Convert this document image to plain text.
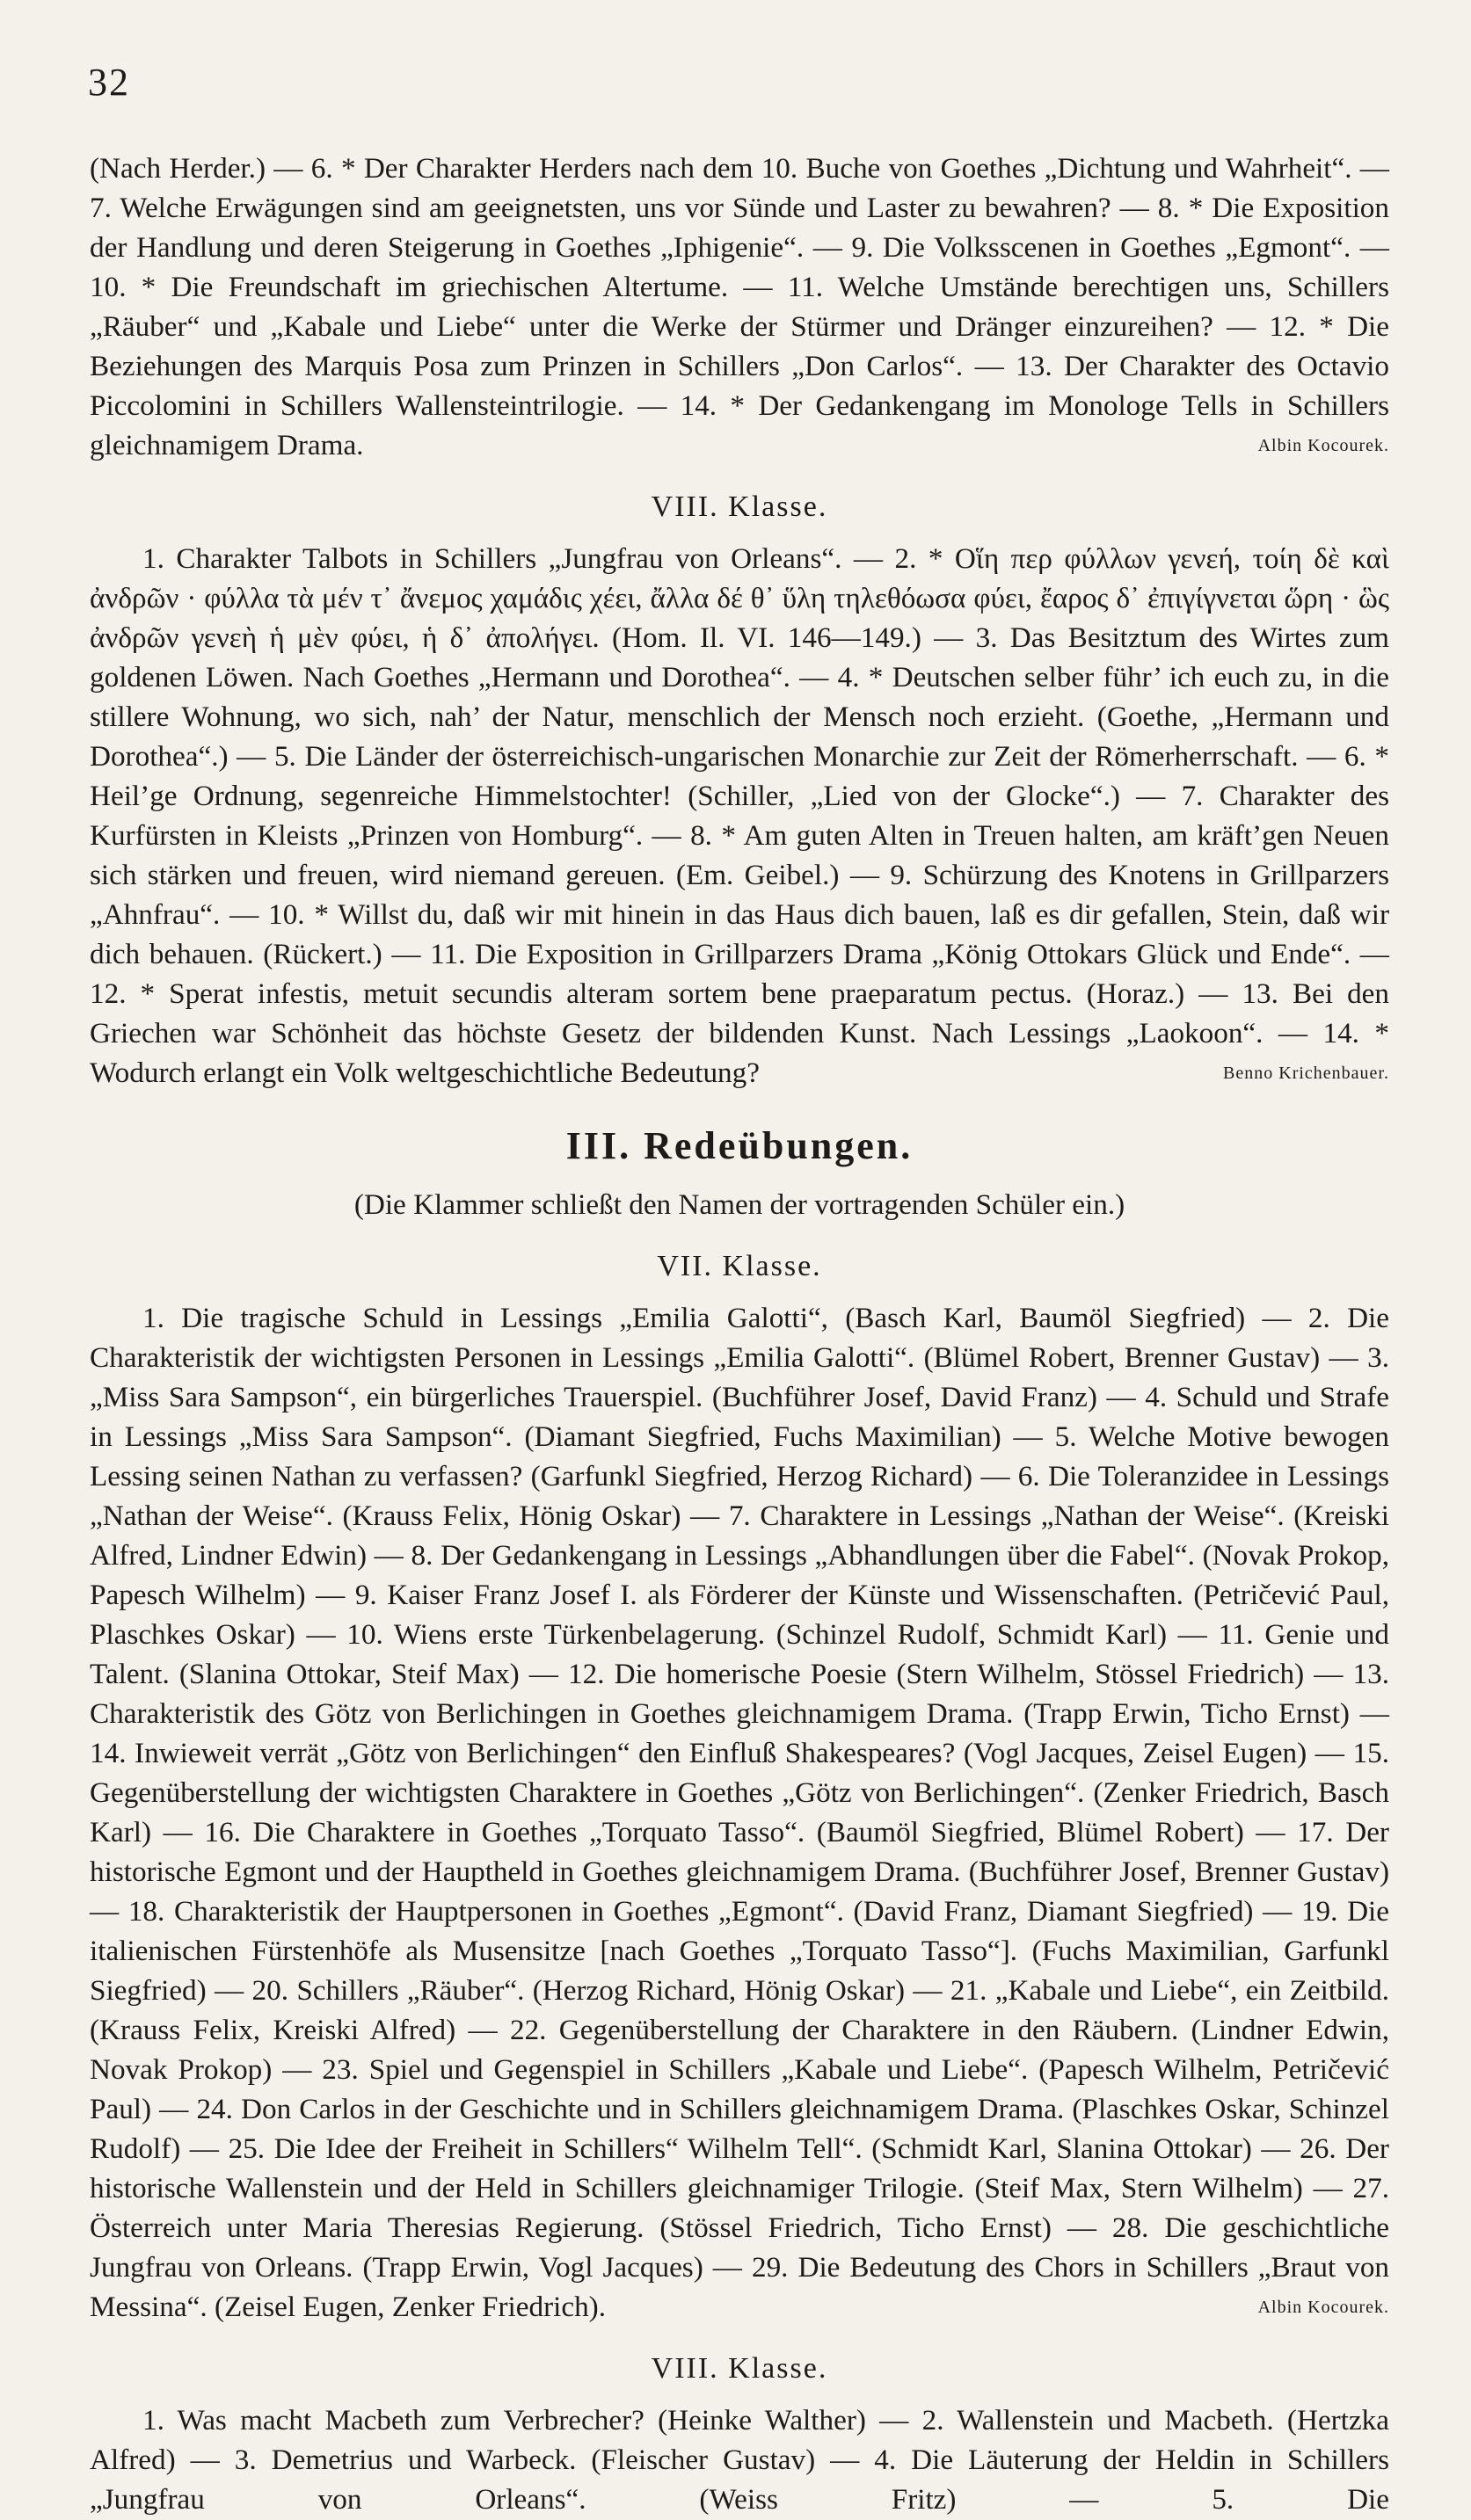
32

(Nach Herder.) — 6. * Der Charakter Herders nach dem 10. Buche von Goethes „Dichtung und Wahrheit“. — 7. Welche Erwägungen sind am geeignetsten, uns vor Sünde und Laster zu bewahren? — 8. * Die Exposition der Handlung und deren Steigerung in Goethes „Iphigenie“. — 9. Die Volksscenen in Goethes „Egmont“. — 10. * Die Freundschaft im griechischen Altertume. — 11. Welche Umstände berechtigen uns, Schillers „Räuber“ und „Kabale und Liebe“ unter die Werke der Stürmer und Dränger einzureihen? — 12. * Die Beziehungen des Marquis Posa zum Prinzen in Schillers „Don Carlos“. — 13. Der Charakter des Octavio Piccolomini in Schillers Wallensteintrilogie. — 14. * Der Gedankengang im Monologe Tells in Schillers gleichnamigem Drama.	Albin Kocourek.

VIII. Klasse.

1. Charakter Talbots in Schillers „Jungfrau von Orleans“. — 2. * Οἵη περ φύλλων γενεή, τοίη δὲ καὶ ἀνδρῶν · φύλλα τὰ μέν τ᾽ ἄνεμος χαμάδις χέει, ἄλλα δέ θ᾽ ὕλη τηλεθόωσα φύει, ἔαρος δ᾽ ἐπιγίγνεται ὥρη · ὣς ἀνδρῶν γενεὴ ἡ μὲν φύει, ἡ δ᾽ ἀπολήγει. (Hom. Il. VI. 146—149.) — 3. Das Besitztum des Wirtes zum goldenen Löwen. Nach Goethes „Hermann und Dorothea“. — 4. * Deutschen selber führ’ ich euch zu, in die stillere Wohnung, wo sich, nah’ der Natur, menschlich der Mensch noch erzieht. (Goethe, „Hermann und Dorothea“.) — 5. Die Länder der österreichisch-ungarischen Monarchie zur Zeit der Römerherrschaft. — 6. * Heil’ge Ordnung, segenreiche Himmelstochter! (Schiller, „Lied von der Glocke“.) — 7. Charakter des Kurfürsten in Kleists „Prinzen von Homburg“. — 8. * Am guten Alten in Treuen halten, am kräft’gen Neuen sich stärken und freuen, wird niemand gereuen. (Em. Geibel.) — 9. Schürzung des Knotens in Grillparzers „Ahnfrau“. — 10. * Willst du, daß wir mit hinein in das Haus dich bauen, laß es dir gefallen, Stein, daß wir dich behauen. (Rückert.) — 11. Die Exposition in Grillparzers Drama „König Ottokars Glück und Ende“. — 12. * Sperat infestis, metuit secundis alteram sortem bene praeparatum pectus. (Horaz.) — 13. Bei den Griechen war Schönheit das höchste Gesetz der bildenden Kunst. Nach Lessings „Laokoon“. — 14. * Wodurch erlangt ein Volk weltgeschichtliche Bedeutung?	Benno Krichenbauer.

III. Redeübungen.
(Die Klammer schließt den Namen der vortragenden Schüler ein.)
VII. Klasse.

1. Die tragische Schuld in Lessings „Emilia Galotti“, (Basch Karl, Baumöl Siegfried) — 2. Die Charakteristik der wichtigsten Personen in Lessings „Emilia Galotti“. (Blümel Robert, Brenner Gustav) — 3. „Miss Sara Sampson“, ein bürgerliches Trauerspiel. (Buchführer Josef, David Franz) — 4. Schuld und Strafe in Lessings „Miss Sara Sampson“. (Diamant Siegfried, Fuchs Maximilian) — 5. Welche Motive bewogen Lessing seinen Nathan zu verfassen? (Garfunkl Siegfried, Herzog Richard) — 6. Die Toleranzidee in Lessings „Nathan der Weise“. (Krauss Felix, Hönig Oskar) — 7. Charaktere in Lessings „Nathan der Weise“. (Kreiski Alfred, Lindner Edwin) — 8. Der Gedankengang in Lessings „Abhandlungen über die Fabel“. (Novak Prokop, Papesch Wilhelm) — 9. Kaiser Franz Josef I. als Förderer der Künste und Wissenschaften. (Petričević Paul, Plaschkes Oskar) — 10. Wiens erste Türkenbelagerung. (Schinzel Rudolf, Schmidt Karl) — 11. Genie und Talent. (Slanina Ottokar, Steif Max) — 12. Die homerische Poesie (Stern Wilhelm, Stössel Friedrich) — 13. Charakteristik des Götz von Berlichingen in Goethes gleichnamigem Drama. (Trapp Erwin, Ticho Ernst) — 14. Inwieweit verrät „Götz von Berlichingen“ den Einfluß Shakespeares? (Vogl Jacques, Zeisel Eugen) — 15. Gegenüberstellung der wichtigsten Charaktere in Goethes „Götz von Berlichingen“. (Zenker Friedrich, Basch Karl) — 16. Die Charaktere in Goethes „Torquato Tasso“. (Baumöl Siegfried, Blümel Robert) — 17. Der historische Egmont und der Hauptheld in Goethes gleichnamigem Drama. (Buchführer Josef, Brenner Gustav) — 18. Charakteristik der Hauptpersonen in Goethes „Egmont“. (David Franz, Diamant Siegfried) — 19. Die italienischen Fürstenhöfe als Musensitze [nach Goethes „Torquato Tasso“]. (Fuchs Maximilian, Garfunkl Siegfried) — 20. Schillers „Räuber“. (Herzog Richard, Hönig Oskar) — 21. „Kabale und Liebe“, ein Zeitbild. (Krauss Felix, Kreiski Alfred) — 22. Gegenüberstellung der Charaktere in den Räubern. (Lindner Edwin, Novak Prokop) — 23. Spiel und Gegenspiel in Schillers „Kabale und Liebe“. (Papesch Wilhelm, Petričević Paul) — 24. Don Carlos in der Geschichte und in Schillers gleichnamigem Drama. (Plaschkes Oskar, Schinzel Rudolf) — 25. Die Idee der Freiheit in Schillers“ Wilhelm Tell“. (Schmidt Karl, Slanina Ottokar) — 26. Der historische Wallenstein und der Held in Schillers gleichnamiger Trilogie. (Steif Max, Stern Wilhelm) — 27. Österreich unter Maria Theresias Regierung. (Stössel Friedrich, Ticho Ernst) — 28. Die geschichtliche Jungfrau von Orleans. (Trapp Erwin, Vogl Jacques) — 29. Die Bedeutung des Chors in Schillers „Braut von Messina“. (Zeisel Eugen, Zenker Friedrich).	Albin Kocourek.

VIII. Klasse.

1. Was macht Macbeth zum Verbrecher? (Heinke Walther) — 2. Wallenstein und Macbeth. (Hertzka Alfred) — 3. Demetrius und Warbeck. (Fleischer Gustav) — 4. Die Läuterung der Heldin in Schillers „Jungfrau von Orleans“. (Weiss Fritz) — 5. Die
